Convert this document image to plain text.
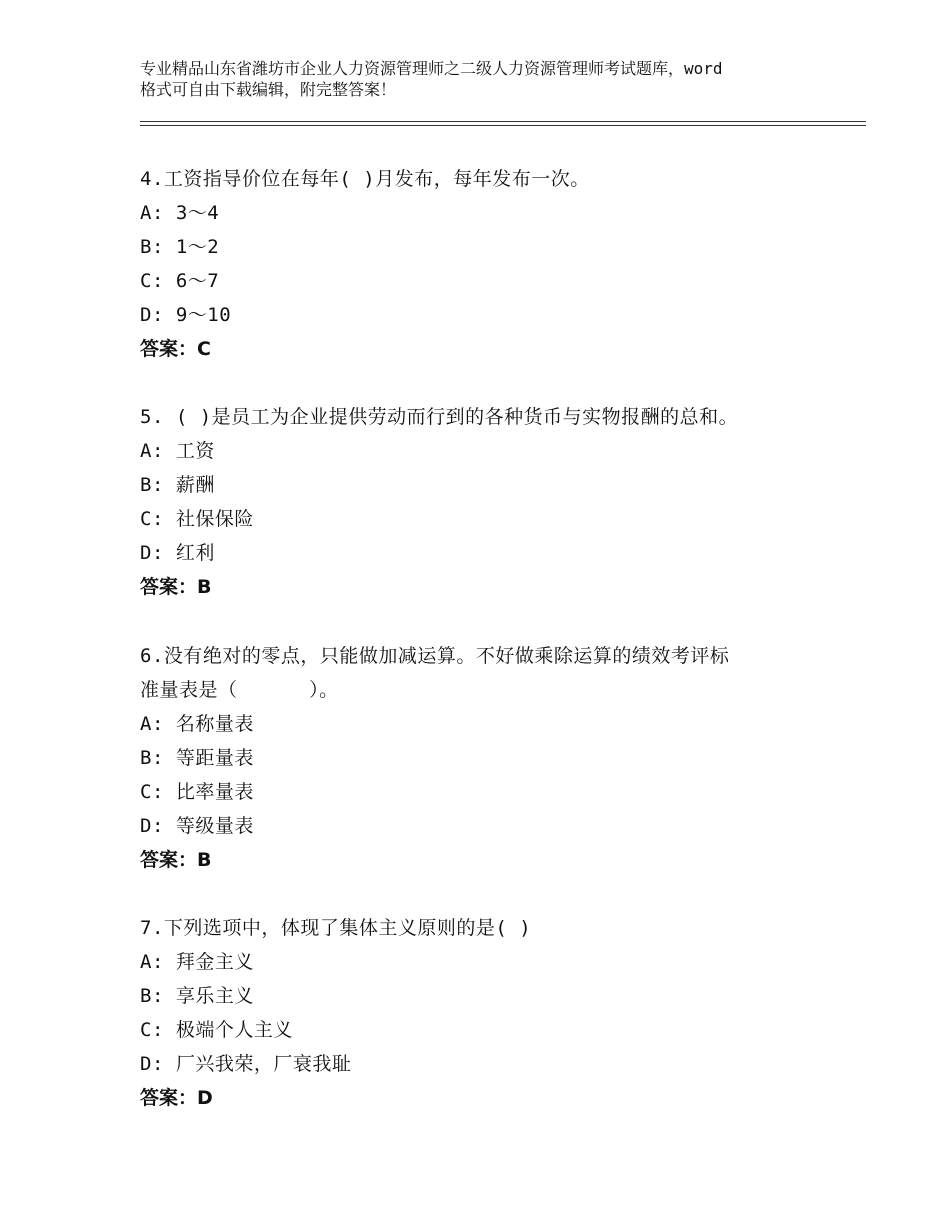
专业精品山东省潍坊市企业人力资源管理师之二级人力资源管理师考试题库，word
格式可自由下载编辑，附完整答案！
4.工资指导价位在每年( )月发布，每年发布一次。
A: 3～4
B: 1～2
C: 6～7
D: 9～10
答案：C
5. ( )是员工为企业提供劳动而行到的各种货币与实物报酬的总和。
A: 工资
B: 薪酬
C: 社保保险
D: 红利
答案：B
6.没有绝对的零点，只能做加减运算。不好做乘除运算的绩效考评标
准量表是（      ）。
A: 名称量表
B: 等距量表
C: 比率量表
D: 等级量表
答案：B
7.下列选项中，体现了集体主义原则的是( )
A: 拜金主义
B: 享乐主义
C: 极端个人主义
D: 厂兴我荣，厂衰我耻
答案：D
